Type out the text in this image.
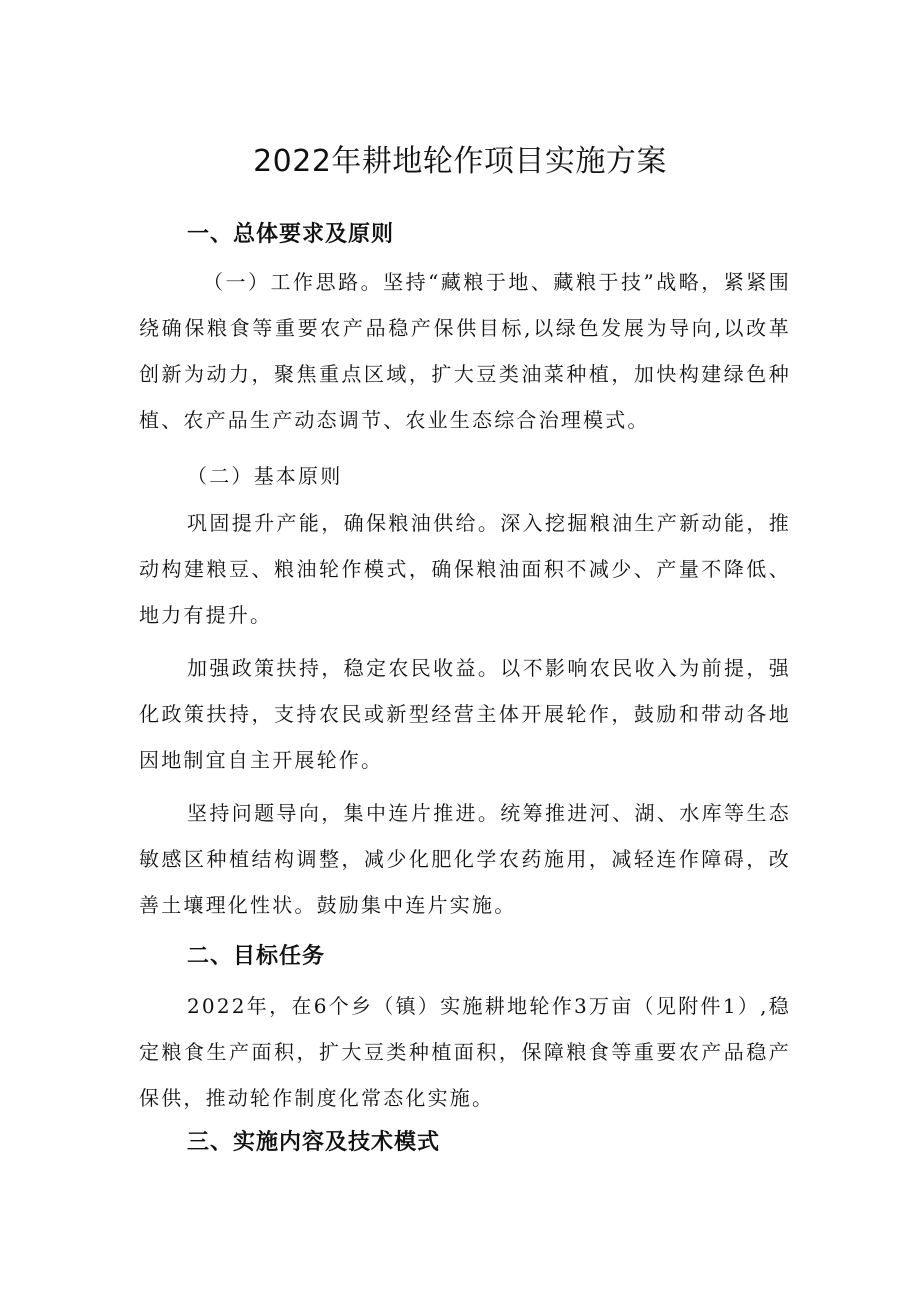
2022年耕地轮作项目实施方案
一、总体要求及原则

（一）工作思路。坚持“藏粮于地、藏粮于技”战略，紧紧围绕确保粮食等重要农产品稳产保供目标,以绿色发展为导向,以改革创新为动力，聚焦重点区域，扩大豆类油菜种植，加快构建绿色种植、农产品生产动态调节、农业生态综合治理模式。

（二）基本原则

巩固提升产能，确保粮油供给。深入挖掘粮油生产新动能，推动构建粮豆、粮油轮作模式，确保粮油面积不减少、产量不降低、地力有提升。

加强政策扶持，稳定农民收益。以不影响农民收入为前提，强化政策扶持，支持农民或新型经营主体开展轮作，鼓励和带动各地因地制宜自主开展轮作。

坚持问题导向，集中连片推进。统筹推进河、湖、水库等生态敏感区种植结构调整，减少化肥化学农药施用，减轻连作障碍，改善土壤理化性状。鼓励集中连片实施。

二、目标任务

2022年，在6个乡（镇）实施耕地轮作3万亩（见附件1）,稳定粮食生产面积，扩大豆类种植面积，保障粮食等重要农产品稳产保供，推动轮作制度化常态化实施。

三、实施内容及技术模式
